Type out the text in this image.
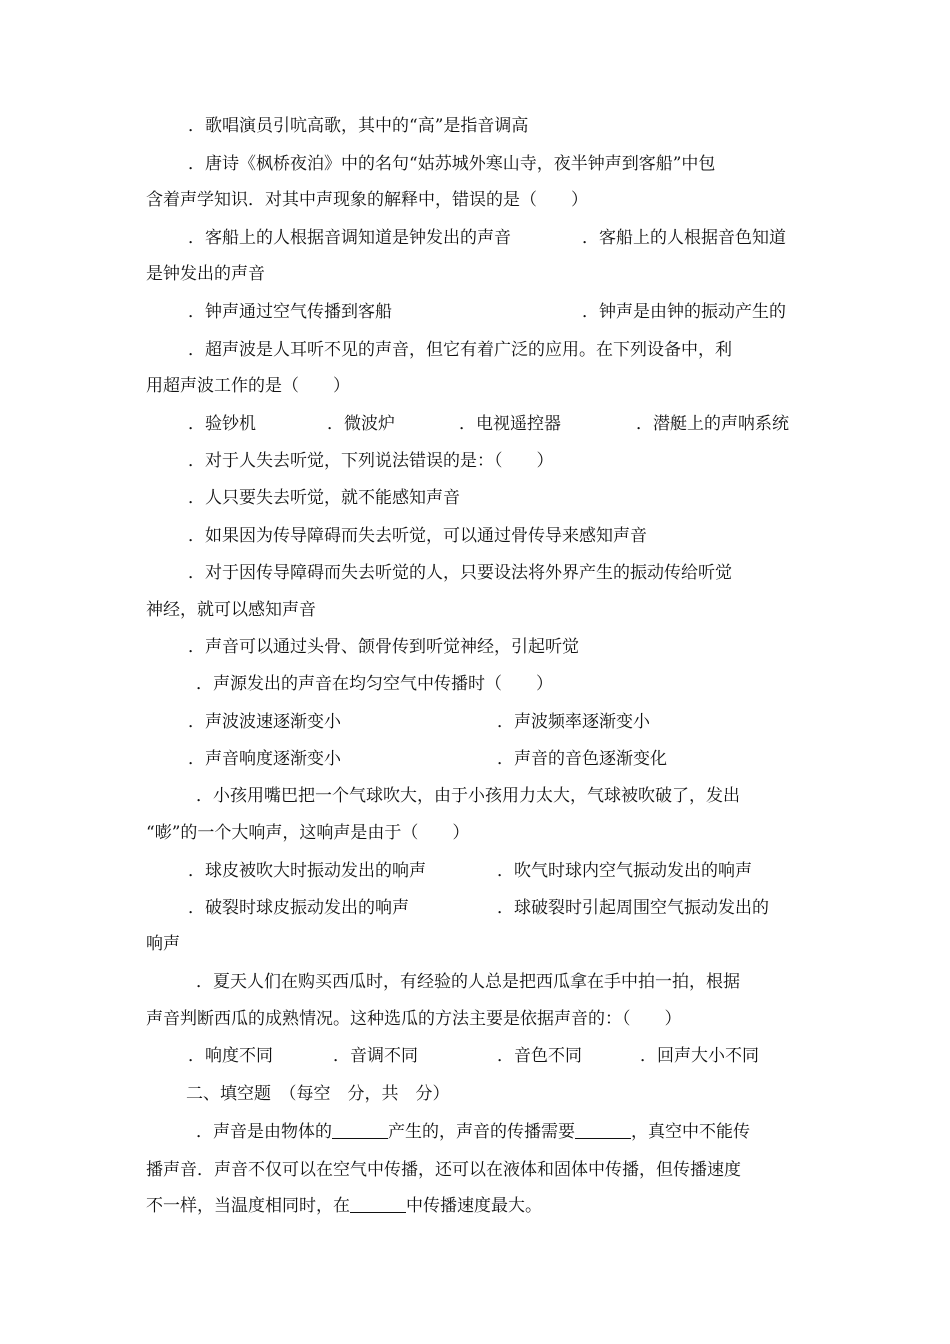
．歌唱演员引吭高歌，其中的“高”是指音调高
．唐诗《枫桥夜泊》中的名句“姑苏城外寒山寺，夜半钟声到客船”中包
含着声学知识．对其中声现象的解释中，错误的是（　　）
．客船上的人根据音调知道是钟发出的声音	．客船上的人根据音色知道
是钟发出的声音
．钟声通过空气传播到客船	．钟声是由钟的振动产生的
．超声波是人耳听不见的声音，但它有着广泛的应用。在下列设备中，利
用超声波工作的是（　　）
．验钞机	．微波炉	．电视遥控器	．潜艇上的声呐系统
．对于人失去听觉，下列说法错误的是：（　　）
．人只要失去听觉，就不能感知声音
．如果因为传导障碍而失去听觉，可以通过骨传导来感知声音
．对于因传导障碍而失去听觉的人，只要设法将外界产生的振动传给听觉
神经，就可以感知声音
．声音可以通过头骨、颌骨传到听觉神经，引起听觉
．声源发出的声音在均匀空气中传播时（　　）
．声波波速逐渐变小	．声波频率逐渐变小
．声音响度逐渐变小	．声音的音色逐渐变化
．小孩用嘴巴把一个气球吹大，由于小孩用力太大，气球被吹破了，发出
“嘭”的一个大响声，这响声是由于（　　）
．球皮被吹大时振动发出的响声	．吹气时球内空气振动发出的响声
．破裂时球皮振动发出的响声	．球破裂时引起周围空气振动发出的
响声
．夏天人们在购买西瓜时，有经验的人总是把西瓜拿在手中拍一拍，根据
声音判断西瓜的成熟情况。这种选瓜的方法主要是依据声音的：（　　）
．响度不同	．音调不同	．音色不同	．回声大小不同
二、填空题　（每空　分，共　分）
．声音是由物体的	产生的，声音的传播需要	，真空中不能传
播声音．声音不仅可以在空气中传播，还可以在液体和固体中传播，但传播速度
不一样，当温度相同时，在	中传播速度最大。
